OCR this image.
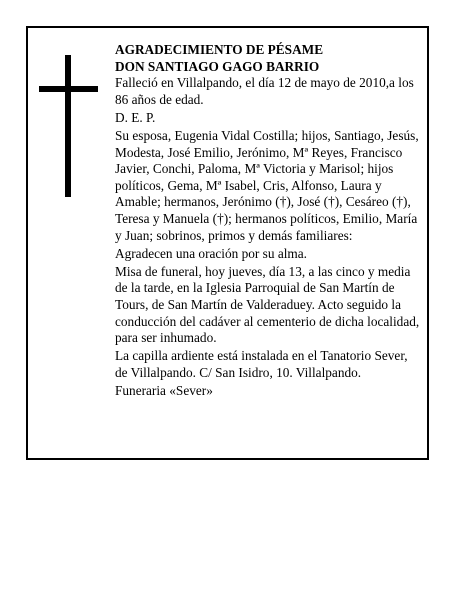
AGRADECIMIENTO DE PÉSAME

DON SANTIAGO GAGO BARRIO

Falleció en Villalpando, el día 12 de mayo de 2010,a los 86 años de edad.

D. E. P.

Su esposa, Eugenia Vidal Costilla; hijos, Santiago, Jesús, Modesta, José Emilio, Jerónimo, Mª Reyes, Francisco Javier, Conchi, Paloma, Mª Victoria y Marisol; hijos políticos, Gema, Mª Isabel, Cris, Alfonso, Laura y Amable; hermanos, Jerónimo (†), José (†), Cesáreo (†), Teresa y Manuela (†); hermanos políticos, Emilio, María y Juan; sobrinos, primos y demás familiares:

Agradecen una oración por su alma.

Misa de funeral, hoy jueves, día 13, a las cinco y media de la tarde, en la Iglesia Parroquial de San Martín de Tours, de San Martín de Valderaduey. Acto seguido la conducción del cadáver al cementerio de dicha localidad, para ser inhumado.

La capilla ardiente está instalada en el Tanatorio Sever, de Villalpando. C/ San Isidro, 10. Villalpando.

Funeraria «Sever»
